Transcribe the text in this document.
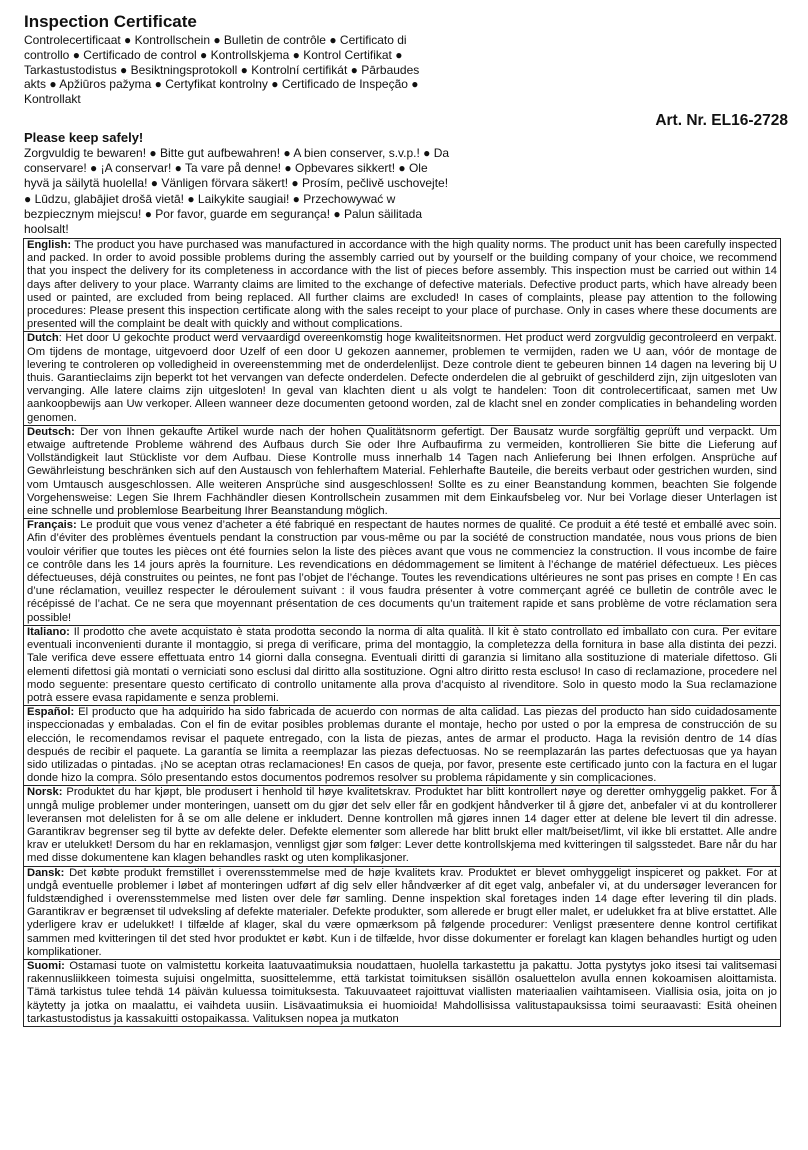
Inspection Certificate

Controlecertificaat ● Kontrollschein ● Bulletin de contrôle ● Certificato di controllo ● Certificado de control ● Kontrollskjema ● Kontrol Certifikat ● Tarkastustodistus ● Besiktningsprotokoll ● Kontrolní certifikát ● Pārbaudes akts ● Apžiūros pažyma ● Certyfikat kontrolny ● Certificado de Inspeção ● Kontrollakt

Art. Nr. EL16-2728
Please keep safely!

Zorgvuldig te bewaren! ● Bitte gut aufbewahren! ● A bien conserver, s.v.p.! ● Da conservare! ● ¡A conservar! ● Ta vare på denne! ● Opbevares sikkert! ● Ole hyvä ja säilytä huolella! ● Vänligen förvara säkert! ● Prosím, pečlivě uschovejte! ● Lūdzu, glabājiet drošā vietā! ● Laikykite saugiai! ● Przechowywać w bezpiecznym miejscu! ● Por favor, guarde em segurança! ● Palun säilitada hoolsalt!

English: The product you have purchased was manufactured in accordance with the high quality norms. The product unit has been carefully inspected and packed. In order to avoid possible problems during the assembly carried out by yourself or the building company of your choice, we recommend that you inspect the delivery for its completeness in accordance with the list of pieces before assembly. This inspection must be carried out within 14 days after delivery to your place. Warranty claims are limited to the exchange of defective materials. Defective product parts, which have already been used or painted, are excluded from being replaced. All further claims are excluded! In cases of complaints, please pay attention to the following procedures: Please present this inspection certificate along with the sales receipt to your place of purchase. Only in cases where these documents are presented will the complaint be dealt with quickly and without complications.
Dutch: Het door U gekochte product werd vervaardigd overeenkomstig hoge kwaliteitsnormen. Het product werd zorgvuldig gecontroleerd en verpakt. Om tijdens de montage, uitgevoerd door Uzelf of een door U gekozen aannemer, problemen te vermijden, raden we U aan, vóór de montage de levering te controleren op volledigheid in overeenstemming met de onderdelenlijst. Deze controle dient te gebeuren binnen 14 dagen na levering bij U thuis. Garantieclaims zijn beperkt tot het vervangen van defecte onderdelen. Defecte onderdelen die al gebruikt of geschilderd zijn, zijn uitgesloten van vervanging. Alle latere claims zijn uitgesloten! In geval van klachten dient u als volgt te handelen: Toon dit controlecertificaat, samen met Uw aankoopbewijs aan Uw verkoper. Alleen wanneer deze documenten getoond worden, zal de klacht snel en zonder complicaties in behandeling worden genomen.
Deutsch: Der von Ihnen gekaufte Artikel wurde nach der hohen Qualitätsnorm gefertigt. Der Bausatz wurde sorgfältig geprüft und verpackt. Um etwaige auftretende Probleme während des Aufbaus durch Sie oder Ihre Aufbaufirma zu vermeiden, kontrollieren Sie bitte die Lieferung auf Vollständigkeit laut Stückliste vor dem Aufbau. Diese Kontrolle muss innerhalb 14 Tagen nach Anlieferung bei Ihnen erfolgen. Ansprüche auf Gewährleistung beschränken sich auf den Austausch von fehlerhaftem Material. Fehlerhafte Bauteile, die bereits verbaut oder gestrichen wurden, sind vom Umtausch ausgeschlossen. Alle weiteren Ansprüche sind ausgeschlossen! Sollte es zu einer Beanstandung kommen, beachten Sie folgende Vorgehensweise: Legen Sie Ihrem Fachhändler diesen Kontrollschein zusammen mit dem Einkaufsbeleg vor. Nur bei Vorlage dieser Unterlagen ist eine schnelle und problemlose Bearbeitung Ihrer Beanstandung möglich.
Français: Le produit que vous venez d’acheter a été fabriqué en respectant de hautes normes de qualité. Ce produit a été testé et emballé avec soin. Afin d’éviter des problèmes éventuels pendant la construction par vous-même ou par la société de construction mandatée, nous vous prions de bien vouloir vérifier que toutes les pièces ont été fournies selon la liste des pièces avant que vous ne commenciez la construction. Il vous incombe de faire ce contrôle dans les 14 jours après la fourniture. Les revendications en dédommagement se limitent à l’échange de matériel défectueux. Les pièces défectueuses, déjà construites ou peintes, ne font pas l’objet de l’échange. Toutes les revendications ultérieures ne sont pas prises en compte ! En cas d’une réclamation, veuillez respecter le déroulement suivant : il vous faudra présenter à votre commerçant agréé ce bulletin de contrôle avec le récépissé de l’achat. Ce ne sera que moyennant présentation de ces documents qu’un traitement rapide et sans problème de votre réclamation sera possible!
Italiano: Il prodotto che avete acquistato è stata prodotta secondo la norma di alta qualità. Il kit è stato controllato ed imballato con cura. Per evitare eventuali inconvenienti durante il montaggio, si prega di verificare, prima del montaggio, la completezza della fornitura in base alla distinta dei pezzi. Tale verifica deve essere effettuata entro 14 giorni dalla consegna. Eventuali diritti di garanzia si limitano alla sostituzione di materiale difettoso. Gli elementi difettosi già montati o verniciati sono esclusi dal diritto alla sostituzione. Ogni altro diritto resta escluso! In caso di reclamazione, procedere nel modo seguente: presentare questo certificato di controllo unitamente alla prova d’acquisto al rivenditore. Solo in questo modo la Sua reclamazione potrà essere evasa rapidamente e senza problemi.
Español: El producto que ha adquirido ha sido fabricada de acuerdo con normas de alta calidad. Las piezas del producto han sido cuidadosamente inspeccionadas y embaladas. Con el fin de evitar posibles problemas durante el montaje, hecho por usted o por la empresa de construcción de su elección, le recomendamos revisar el paquete entregado, con la lista de piezas, antes de armar el producto. Haga la revisión dentro de 14 días después de recibir el paquete. La garantía se limita a reemplazar las piezas defectuosas. No se reemplazarán las partes defectuosas que ya hayan sido utilizadas o pintadas. ¡No se aceptan otras reclamaciones! En casos de queja, por favor, presente este certificado junto con la factura en el lugar donde hizo la compra. Sólo presentando estos documentos podremos resolver su problema rápidamente y sin complicaciones.
Norsk: Produktet du har kjøpt, ble produsert i henhold til høye kvalitetskrav. Produktet har blitt kontrollert nøye og deretter omhyggelig pakket. For å unngå mulige problemer under monteringen, uansett om du gjør det selv eller får en godkjent håndverker til å gjøre det, anbefaler vi at du kontrollerer leveransen mot delelisten for å se om alle delene er inkludert. Denne kontrollen må gjøres innen 14 dager etter at delene ble levert til din adresse. Garantikrav begrenser seg til bytte av defekte deler. Defekte elementer som allerede har blitt brukt eller malt/beiset/limt, vil ikke bli erstattet. Alle andre krav er utelukket! Dersom du har en reklamasjon, vennligst gjør som følger: Lever dette kontrollskjema med kvitteringen til salgsstedet. Bare når du har med disse dokumentene kan klagen behandles raskt og uten komplikasjoner.
Dansk: Det købte produkt fremstillet i overensstemmelse med de høje kvalitets krav. Produktet er blevet omhyggeligt inspiceret og pakket. For at undgå eventuelle problemer i løbet af monteringen udført af dig selv eller håndværker af dit eget valg, anbefaler vi, at du undersøger leverancen for fuldstændighed i overensstemmelse med listen over dele før samling. Denne inspektion skal foretages inden 14 dage efter levering til din plads. Garantikrav er begrænset til udveksling af defekte materialer. Defekte produkter, som allerede er brugt eller malet, er udelukket fra at blive erstattet. Alle yderligere krav er udelukket! I tilfælde af klager, skal du være opmærksom på følgende procedurer: Venligst præsentere denne kontrol certifikat sammen med kvitteringen til det sted hvor produktet er købt. Kun i de tilfælde, hvor disse dokumenter er forelagt kan klagen behandles hurtigt og uden komplikationer.
Suomi: Ostamasi tuote on valmistettu korkeita laatuvaatimuksia noudattaen, huolella tarkastettu ja pakattu. Jotta pystytys joko itsesi tai valitsemasi rakennusliikkeen toimesta sujuisi ongelmitta, suosittelemme, että tarkistat toimituksen sisällön osaluettelon avulla ennen kokoamisen aloittamista. Tämä tarkistus tulee tehdä 14 päivän kuluessa toimituksesta. Takuuvaateet rajoittuvat viallisten materiaalien vaihtamiseen. Viallisia osia, joita on jo käytetty ja jotka on maalattu, ei vaihdeta uusiin. Lisävaatimuksia ei huomioida! Mahdollisissa valitustapauksissa toimi seuraavasti: Esitä oheinen tarkastustodistus ja kassakuitti ostopaikassa. Valituksen nopea ja mutkaton
